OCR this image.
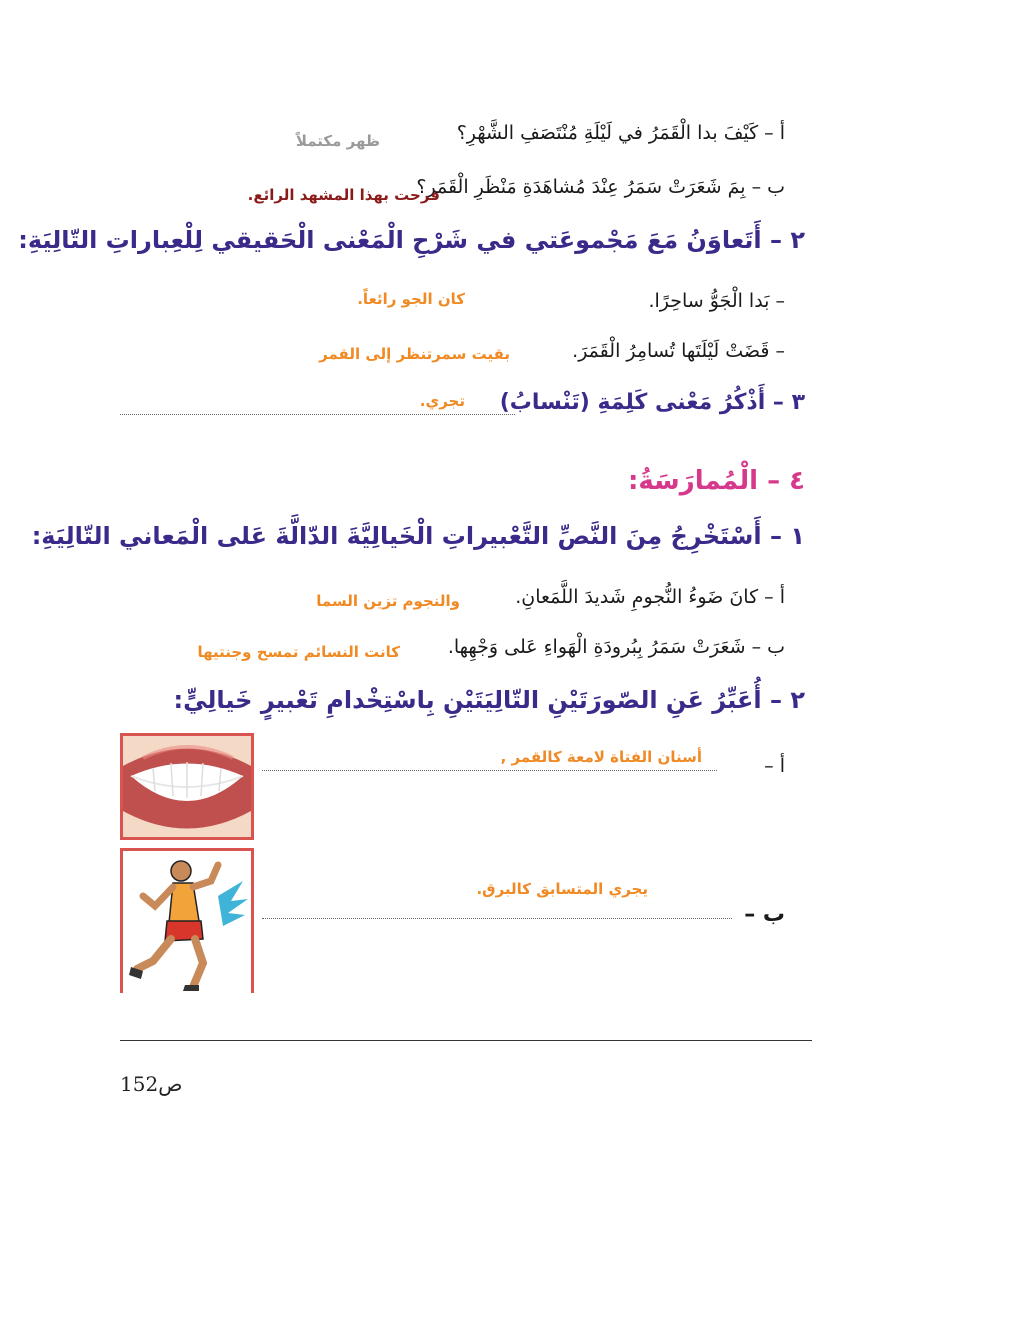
أ – كَيْفَ بدا الْقَمَرُ في لَيْلَةِ مُنْتَصَفِ الشَّهْرِ؟
ظهر مكتملاً
ب – بِمَ شَعَرَتْ سَمَرُ عِنْدَ مُشاهَدَةِ مَنْظَرِ الْقَمَرِ؟
فرحت بهذا المشهد الرائع.
٢ – أَتَعاوَنُ مَعَ مَجْموعَتي في شَرْحِ الْمَعْنى الْحَقيقي لِلْعِباراتِ التّالِيَةِ:
– بَدا الْجَوُّ ساحِرًا.
كان الجو رائعاً.
– قَضَتْ لَيْلَتَها تُسامِرُ الْقَمَرَ.
بقيت سمرتنظر إلى القمر
٣ – أَذْكُرُ مَعْنى كَلِمَةِ (تَنْسابُ)
تجري.
٤ – الْمُمارَسَةُ:
١ – أَسْتَخْرِجُ مِنَ النَّصِّ التَّعْبيراتِ الْخَيالِيَّةَ الدّالَّةَ عَلى الْمَعاني التّالِيَةِ:
أ – كانَ ضَوءُ النُّجومِ شَديدَ اللَّمَعانِ.
والنجوم تزين السما
ب – شَعَرَتْ سَمَرُ بِبُرودَةِ الْهَواءِ عَلى وَجْهِها.
كانت النسائم تمسح وجنتيها
٢ – أُعَبِّرُ عَنِ الصّورَتَيْنِ التّالِيَتَيْنِ بِاسْتِخْدامِ تَعْبيرٍ خَيالِيٍّ:
أسنان الفتاة لامعة كالقمر ,	أ –
يجري المتسابق كالبرق.
ب –
ص152
